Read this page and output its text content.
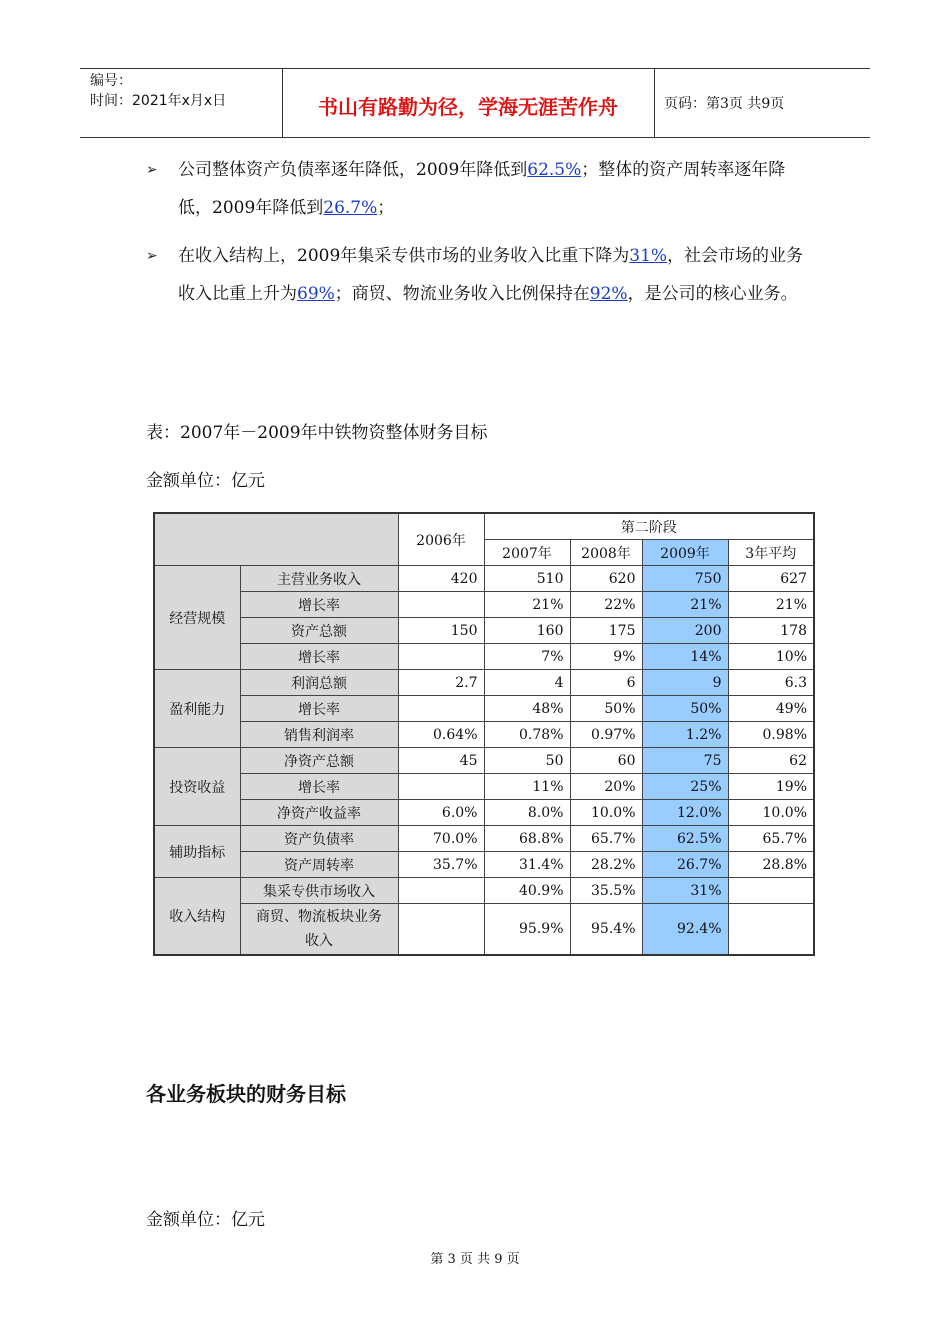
编号：
时间：2021年x月x日	书山有路勤为径，学海无涯苦作舟	页码：第3页 共9页
➢ 公司整体资产负债率逐年降低，2009年降低到62.5%；整体的资产周转率逐年降低，2009年降低到26.7%；
➢ 在收入结构上，2009年集采专供市场的业务收入比重下降为31%，社会市场的业务收入比重上升为69%；商贸、物流业务收入比例保持在92%，是公司的核心业务。
表：2007年－2009年中铁物资整体财务目标
金额单位：亿元
		2006年	第二阶段			
			2007年	2008年	2009年	3年平均
经营规模	主营业务收入	420	510	620	750	627
	增长率		21%	22%	21%	21%
	资产总额	150	160	175	200	178
	增长率		7%	9%	14%	10%
盈利能力	利润总额	2.7	4	6	9	6.3
	增长率		48%	50%	50%	49%
	销售利润率	0.64%	0.78%	0.97%	1.2%	0.98%
投资收益	净资产总额	45	50	60	75	62
	增长率		11%	20%	25%	19%
	净资产收益率	6.0%	8.0%	10.0%	12.0%	10.0%
辅助指标	资产负债率	70.0%	68.8%	65.7%	62.5%	65.7%
	资产周转率	35.7%	31.4%	28.2%	26.7%	28.8%
收入结构	集采专供市场收入		40.9%	35.5%	31%	
	商贸、物流板块业务收入		95.9%	95.4%	92.4%	
各业务板块的财务目标
金额单位：亿元
第 3 页 共 9 页
